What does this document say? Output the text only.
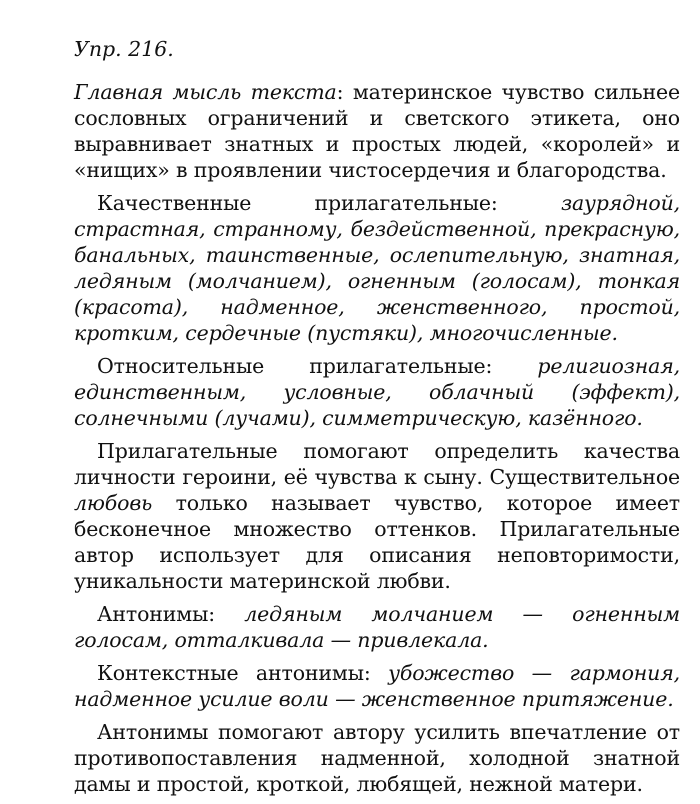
Упр. 216.

Главная мысль текста: материнское чувство сильнее сословных ограничений и светского этикета, оно выравнивает знатных и простых людей, «королей» и «нищих» в проявлении чистосердечия и благородства.

Качественные прилагательные: заурядной, страстная, странному, бездейственной, прекрасную, банальных, таинственные, ослепительную, знатная, ледяным (молчанием), огненным (голосам), тонкая (красота), надменное, женственного, простой, кротким, сердечные (пустяки), многочисленные.

Относительные прилагательные: религиозная, единственным, условные, облачный (эффект), солнечными (лучами), симметрическую, казённого.

Прилагательные помогают определить качества личности героини, её чувства к сыну. Существительное любовь только называет чувство, которое имеет бесконечное множество оттенков. Прилагательные автор использует для описания неповторимости, уникальности материнской любви.

Антонимы: ледяным молчанием — огненным голосам, отталкивала — привлекала.

Контекстные антонимы: убожество — гармония, надменное усилие воли — женственное притяжение.

Антонимы помогают автору усилить впечатление от противопоставления надменной, холодной знатной дамы и простой, кроткой, любящей, нежной матери.
